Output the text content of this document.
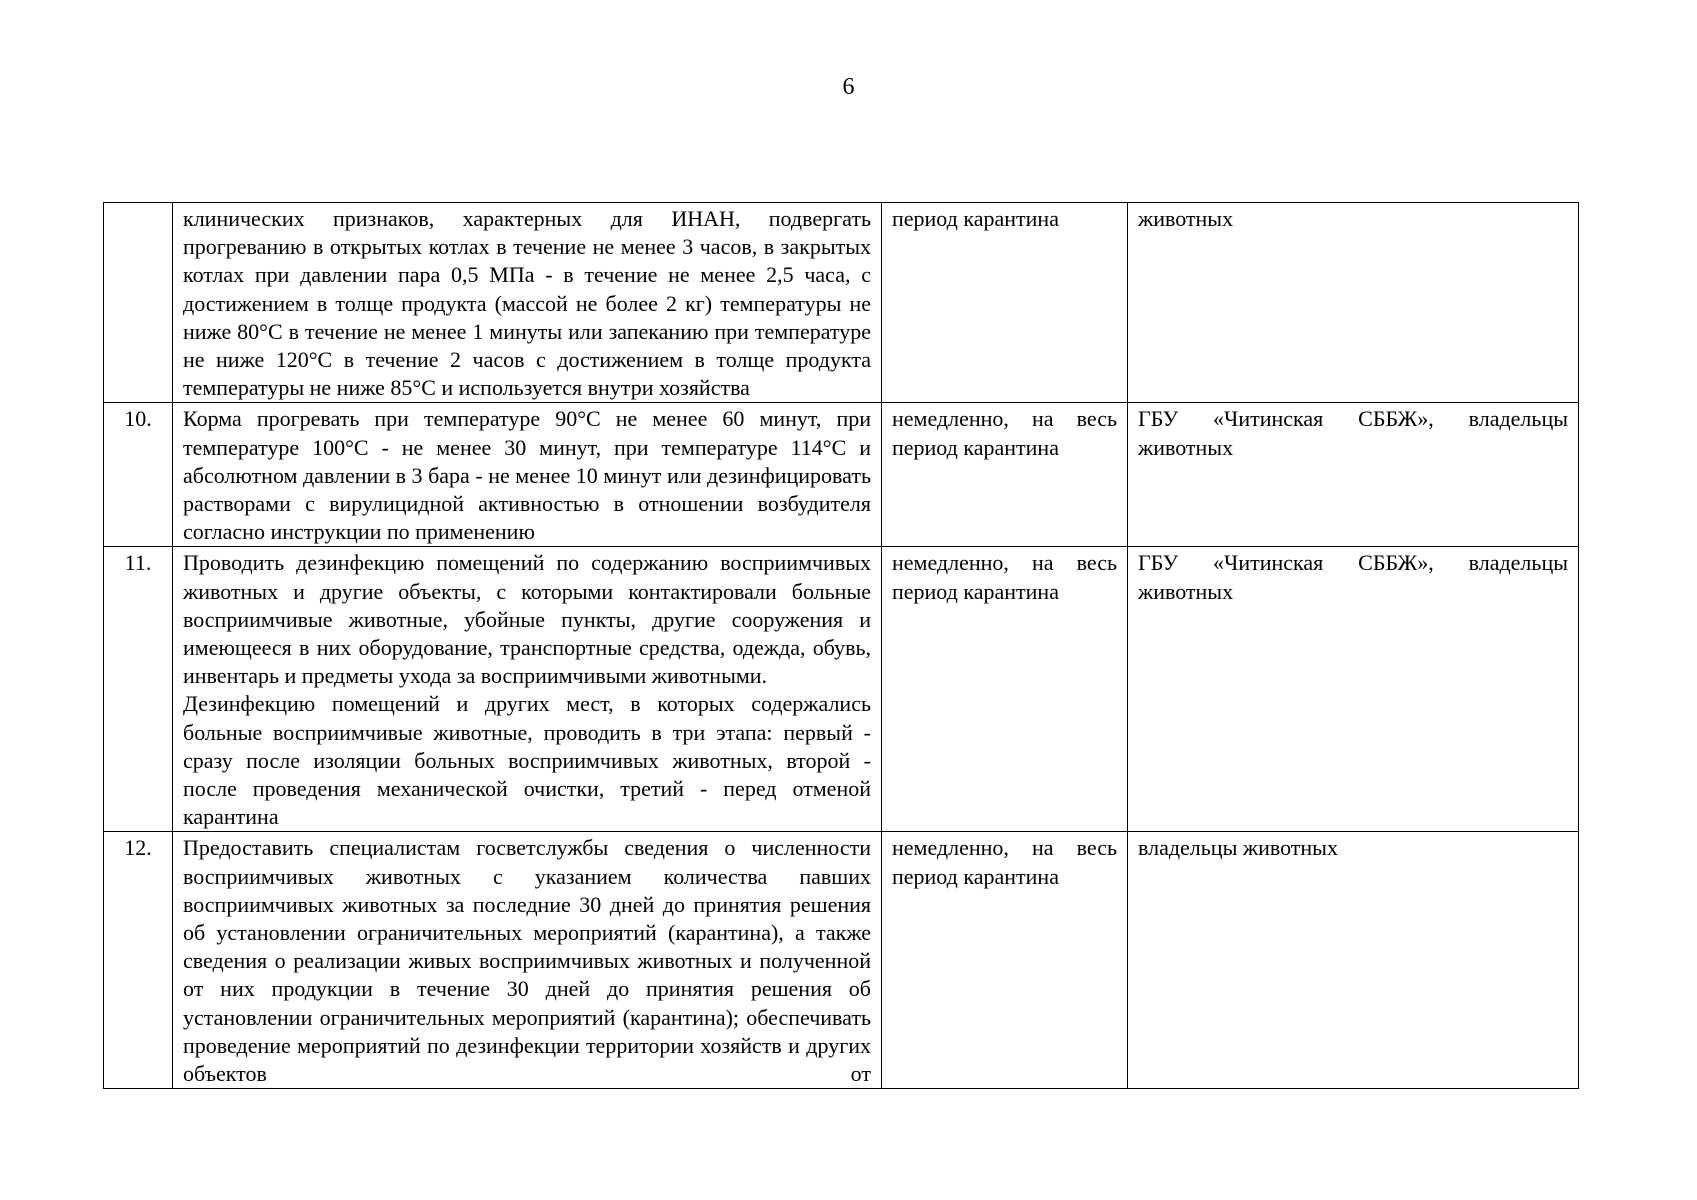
6

	клинических признаков, характерных для ИНАН, подвергать прогреванию в открытых котлах в течение не менее 3 часов, в закрытых котлах при давлении пара 0,5 МПа - в течение не менее 2,5 часа, с достижением в толще продукта (массой не более 2 кг) температуры не ниже 80°С в течение не менее 1 минуты или запеканию при температуре не ниже 120°С в течение 2 часов с достижением в толще продукта температуры не ниже 85°С и используется внутри хозяйства	период карантина	животных
10.	Корма прогревать при температуре 90°С не менее 60 минут, при температуре 100°С - не менее 30 минут, при температуре 114°С и абсолютном давлении в 3 бара - не менее 10 минут или дезинфицировать растворами с вирулицидной активностью в отношении возбудителя согласно инструкции по применению	немедленно, на весь период карантина	ГБУ «Читинская СББЖ», владельцы животных
11.	Проводить дезинфекцию помещений по содержанию восприимчивых животных и другие объекты, с которыми контактировали больные восприимчивые животные, убойные пункты, другие сооружения и имеющееся в них оборудование, транспортные средства, одежда, обувь, инвентарь и предметы ухода за восприимчивыми животными.
Дезинфекцию помещений и других мест, в которых содержались больные восприимчивые животные, проводить в три этапа: первый - сразу после изоляции больных восприимчивых животных, второй - после проведения механической очистки, третий - перед отменой карантина	немедленно, на весь период карантина	ГБУ «Читинская СББЖ», владельцы животных
12.	Предоставить специалистам госветслужбы сведения о численности восприимчивых животных с указанием количества павших восприимчивых животных за последние 30 дней до принятия решения об установлении ограничительных мероприятий (карантина), а также сведения о реализации живых восприимчивых животных и полученной от них продукции в течение 30 дней до принятия решения об установлении ограничительных мероприятий (карантина); обеспечивать проведение мероприятий по дезинфекции территории хозяйств и других объектов от	немедленно, на весь период карантина	владельцы животных
